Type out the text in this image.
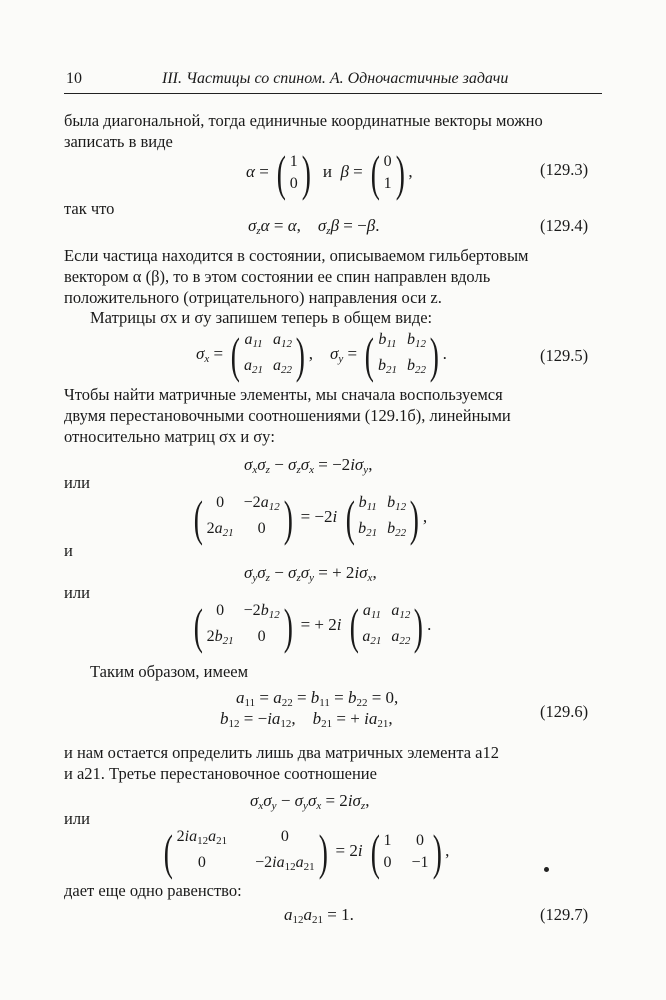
10	III. Частицы со спином. А. Одночастичные задачи
была диагональной, тогда единичные координатные векторы можно
записать в виде
α = ( 1
0 ) и  β = ( 0
1 ) ,	(129.3)
так что
$\sigma_z\alpha = \alpha$,    $\sigma_z\beta = -\beta$.	(129.4)
Если частица находится в состоянии, описываемом гильбертовым
вектором α (β), то в этом состоянии ее спин направлен вдоль
положительного (отрицательного) направления оси z.
Матрицы σx и σy запишем теперь в общем виде:
$\sigma_x$ = ( $a_{11}$ $a_{12}$
$a_{21}$ $a_{22}$ ) ,    $\sigma_y$ = ( $b_{11}$ $b_{12}$
$b_{21}$ $b_{22}$ ) .	(129.5)
Чтобы найти матричные элементы, мы сначала воспользуемся
двумя перестановочными соотношениями (129.1б), линейными
относительно матриц σx и σy:
$\sigma_x\sigma_z - \sigma_z\sigma_x = -2i\sigma_y$,
или
( 0	$-2a_{12}$
$2a_{21}$	0 ) = −2i ( $b_{11}$ $b_{12}$
$b_{21}$ $b_{22}$ ) ,
и
$\sigma_y\sigma_z - \sigma_z\sigma_y$ = + $2i\sigma_x$,
или
( 0	$-2b_{12}$
$2b_{21}$	0 ) = + 2i ( $a_{11}$ $a_{12}$
$a_{21}$ $a_{22}$ ) .
Таким образом, имеем
$a_{11} = a_{22} = b_{11} = b_{22} = 0$,
$b_{12} = -ia_{12}$,    $b_{21}$ = + $ia_{21}$,	(129.6)
и нам остается определить лишь два матричных элемента a12
и a21. Третье перестановочное соотношение
$\sigma_x\sigma_y - \sigma_y\sigma_x = 2i\sigma_z$,
или
( $2ia_{12}a_{21}$	0
0	$-2ia_{12}a_{21}$ ) = 2i ( 1 0
0 −1 ) ,
дает еще одно равенство:
$a_{12}a_{21} = 1$.	(129.7)
